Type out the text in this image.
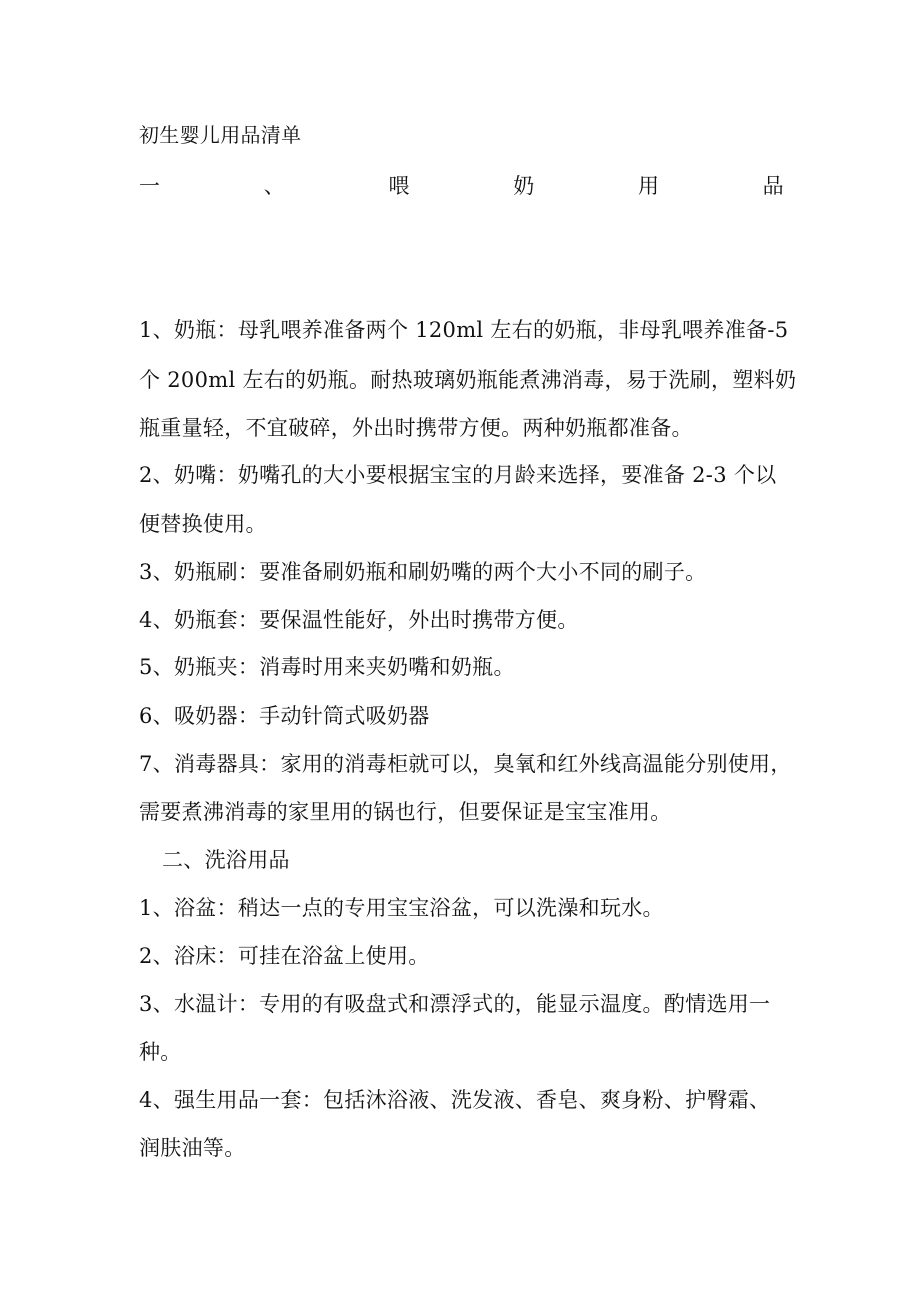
初生婴儿用品清单
一	、	喂	奶	用	品
1、奶瓶：母乳喂养准备两个 120ml 左右的奶瓶，非母乳喂养准备-5
个 200ml 左右的奶瓶。耐热玻璃奶瓶能煮沸消毒，易于洗刷，塑料奶
瓶重量轻，不宜破碎，外出时携带方便。两种奶瓶都准备。
2、奶嘴：奶嘴孔的大小要根据宝宝的月龄来选择，要准备 2-3 个以
便替换使用。
3、奶瓶刷：要准备刷奶瓶和刷奶嘴的两个大小不同的刷子。
4、奶瓶套：要保温性能好，外出时携带方便。
5、奶瓶夹：消毒时用来夹奶嘴和奶瓶。
6、吸奶器：手动针筒式吸奶器
7、消毒器具：家用的消毒柜就可以，臭氧和红外线高温能分别使用，
需要煮沸消毒的家里用的锅也行，但要保证是宝宝准用。
二、洗浴用品
1、浴盆：稍达一点的专用宝宝浴盆，可以洗澡和玩水。
2、浴床：可挂在浴盆上使用。
3、水温计：专用的有吸盘式和漂浮式的，能显示温度。酌情选用一
种。
4、强生用品一套：包括沐浴液、洗发液、香皂、爽身粉、护臀霜、
润肤油等。
